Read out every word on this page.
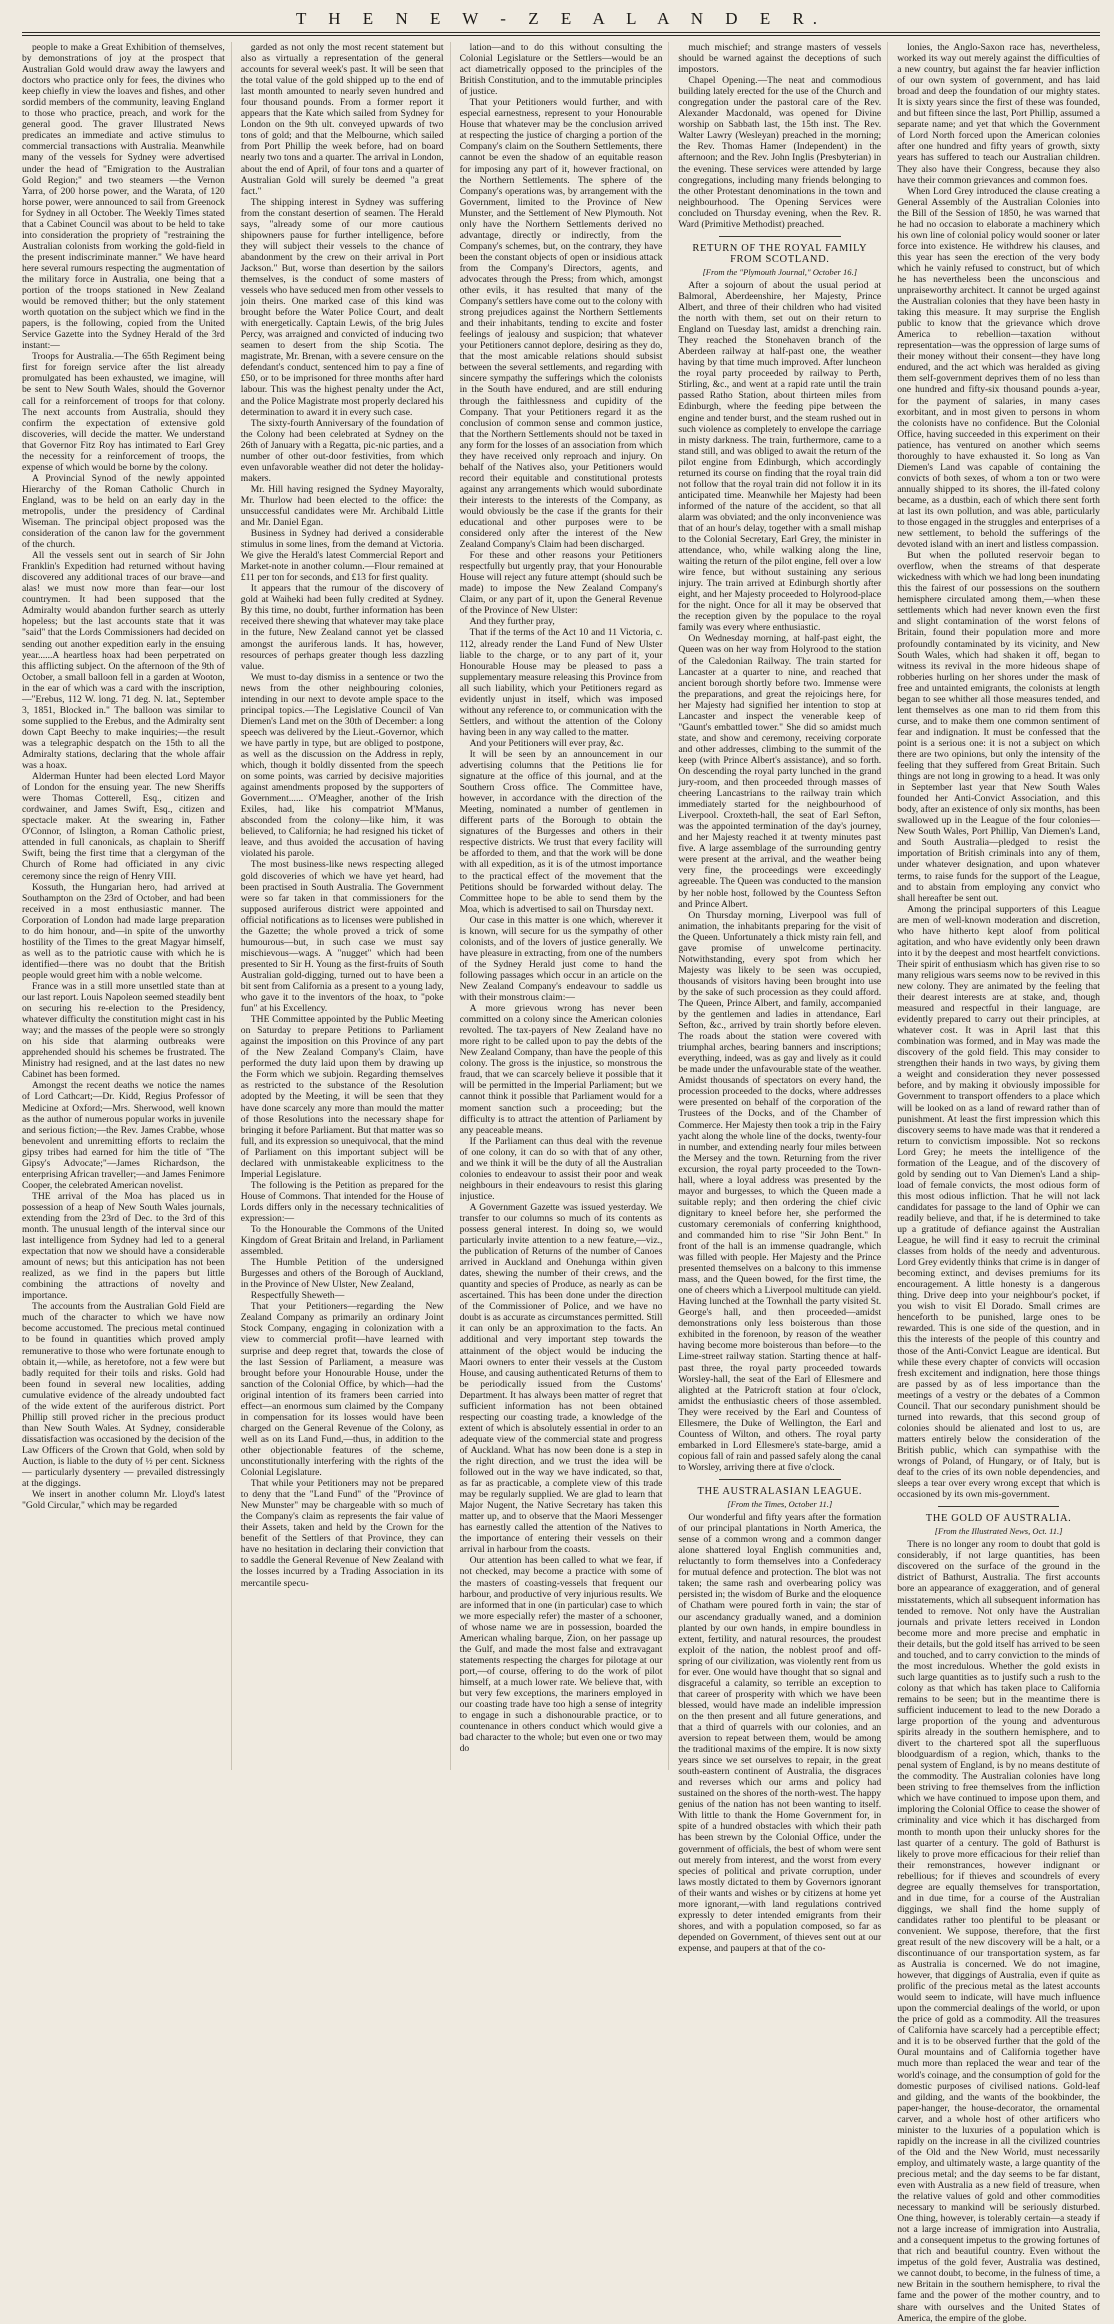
T H E N E W - Z E A L A N D E R.

people to make a Great Exhibition of themselves, by demonstrations of joy at the prospect that Australian Gold would draw away the lawyers and doctors who practice only for fees, the divines who keep chiefly in view the loaves and fishes, and other sordid members of the community, leaving England to those who practice, preach, and work for the general good. The graver Illustrated News predicates an immediate and active stimulus to commercial transactions with Australia. Meanwhile many of the vessels for Sydney were advertised under the head of "Emigration to the Australian Gold Region;" and two steamers —the Vernon Yarra, of 200 horse power, and the Warata, of 120 horse power, were announced to sail from Greenock for Sydney in all October. The Weekly Times stated that a Cabinet Council was about to be held to take into consideration the propriety of "restraining the Australian colonists from working the gold-field in the present indiscriminate manner." We have heard here several rumours respecting the augmentation of the military force in Australia, one being that a portion of the troops stationed in New Zealand would be removed thither; but the only statement worth quotation on the subject which we find in the papers, is the following, copied from the United Service Gazette into the Sydney Herald of the 3rd instant:—

Troops for Australia.—The 65th Regiment being first for foreign service after the list already promulgated has been exhausted, we imagine, will be sent to New South Wales, should the Governor call for a reinforcement of troops for that colony. The next accounts from Australia, should they confirm the expectation of extensive gold discoveries, will decide the matter. We understand that Governor Fitz Roy has intimated to Earl Grey the necessity for a reinforcement of troops, the expense of which would be borne by the colony.

A Provincial Synod of the newly appointed Hierarchy of the Roman Catholic Church in England, was to be held on an early day in the metropolis, under the presidency of Cardinal Wiseman. The principal object proposed was the consideration of the canon law for the government of the church.

All the vessels sent out in search of Sir John Franklin's Expedition had returned without having discovered any additional traces of our brave—and alas! we must now more than fear—our lost countrymen. It had been supposed that the Admiralty would abandon further search as utterly hopeless; but the last accounts state that it was "said" that the Lords Commissioners had decided on sending out another expedition early in the ensuing year......A heartless hoax had been perpetrated on this afflicting subject. On the afternoon of the 9th of October, a small balloon fell in a garden at Wooton, in the ear of which was a card with the inscription,—"Erebus, 112 W. long. 71 deg. N. lat., September 3, 1851, Blocked in." The balloon was similar to some supplied to the Erebus, and the Admiralty sent down Capt Beechy to make inquiries;—the result was a telegraphic despatch on the 15th to all the Admiralty stations, declaring that the whole affair was a hoax.

Alderman Hunter had been elected Lord Mayor of London for the ensuing year. The new Sheriffs were Thomas Cotterell, Esq., citizen and cordwainer, and James Swift, Esq., citizen and spectacle maker. At the swearing in, Father O'Connor, of Islington, a Roman Catholic priest, attended in full canonicals, as chaplain to Sheriff Swift, being the first time that a clergyman of the Church of Rome had officiated in any civic ceremony since the reign of Henry VIII.

Kossuth, the Hungarian hero, had arrived at Southampton on the 23rd of October, and had been received in a most enthusiastic manner. The Corporation of London had made large preparation to do him honour, and—in spite of the unworthy hostility of the Times to the great Magyar himself, as well as to the patriotic cause with which he is identified—there was no doubt that the British people would greet him with a noble welcome.

France was in a still more unsettled state than at our last report. Louis Napoleon seemed steadily bent on securing his re-election to the Presidency, whatever difficulty the constitution might cast in his way; and the masses of the people were so strongly on his side that alarming outbreaks were apprehended should his schemes be frustrated. The Ministry had resigned, and at the last dates no new Cabinet has been formed.

Amongst the recent deaths we notice the names of Lord Cathcart;—Dr. Kidd, Regius Professor of Medicine at Oxford;—Mrs. Sherwood, well known as the author of numerous popular works in juvenile and serious fiction;—the Rev. James Crabbe, whose benevolent and unremitting efforts to reclaim the gipsy tribes had earned for him the title of "The Gipsy's Advocate;"—James Richardson, the enterprising African traveller;—and James Fenimore Cooper, the celebrated American novelist.

THE arrival of the Moa has placed us in possession of a heap of New South Wales journals, extending from the 23rd of Dec. to the 3rd of this month. The unusual length of the interval since our last intelligence from Sydney had led to a general expectation that now we should have a considerable amount of news; but this anticipation has not been realized, as we find in the papers but little combining the attractions of novelty and importance.

The accounts from the Australian Gold Field are much of the character to which we have now become accustomed. The precious metal continued to be found in quantities which proved amply remunerative to those who were fortunate enough to obtain it,—while, as heretofore, not a few were but badly requited for their toils and risks. Gold had been found in several new localities, adding cumulative evidence of the already undoubted fact of the wide extent of the auriferous district. Port Phillip still proved richer in the precious product than New South Wales. At Sydney, considerable dissatisfaction was occasioned by the decision of the Law Officers of the Crown that Gold, when sold by Auction, is liable to the duty of ½ per cent. Sickness — particularly dysentery — prevailed distressingly at the diggings.

We insert in another column Mr. Lloyd's latest "Gold Circular," which may be regarded

garded as not only the most recent statement but also as virtually a representation of the general accounts for several week's past. It will be seen that the total value of the gold shipped up to the end of last month amounted to nearly seven hundred and four thousand pounds. From a former report it appears that the Kate which sailed from Sydney for London on the 9th ult. conveyed upwards of two tons of gold; and that the Melbourne, which sailed from Port Phillip the week before, had on board nearly two tons and a quarter. The arrival in London, about the end of April, of four tons and a quarter of Australian Gold will surely be deemed "a great fact."

The shipping interest in Sydney was suffering from the constant desertion of seamen. The Herald says, "already some of our more cautious shipowners pause for further intelligence, before they will subject their vessels to the chance of abandonment by the crew on their arrival in Port Jackson." But, worse than desertion by the sailors themselves, is the conduct of some masters of vessels who have seduced men from other vessels to join theirs. One marked case of this kind was brought before the Water Police Court, and dealt with energetically. Captain Lewis, of the brig Jules Percy, was arraigned and convicted of inducing two seamen to desert from the ship Scotia. The magistrate, Mr. Brenan, with a severe censure on the defendant's conduct, sentenced him to pay a fine of £50, or to be imprisoned for three months after hard labour. This was the highest penalty under the Act, and the Police Magistrate most properly declared his determination to award it in every such case.

The sixty-fourth Anniversary of the foundation of the Colony had been celebrated at Sydney on the 26th of January with a Regatta, pic-nic parties, and a number of other out-door festivities, from which even unfavorable weather did not deter the holiday-makers.

Mr. Hill having resigned the Sydney Mayoralty, Mr. Thurlow had been elected to the office: the unsuccessful candidates were Mr. Archibald Little and Mr. Daniel Egan.

Business in Sydney had derived a considerable stimulus in some lines, from the demand at Victoria. We give the Herald's latest Commercial Report and Market-note in another column.—Flour remained at £11 per ton for seconds, and £13 for first quality.

It appears that the rumour of the discovery of gold at Waiheki had been fully credited at Sydney. By this time, no doubt, further information has been received there shewing that whatever may take place in the future, New Zealand cannot yet be classed amongst the auriferous lands. It has, however, resources of perhaps greater though less dazzling value.

We must to-day dismiss in a sentence or two the news from the other neighbouring colonies, intending in our next to devote ample space to the principal topics.—The Legislative Council of Van Diemen's Land met on the 30th of December: a long speech was delivered by the Lieut.-Governor, which we have partly in type, but are obliged to postpone, as well as the discussion on the Address in reply, which, though it boldly dissented from the speech on some points, was carried by decisive majorities against amendments proposed by the supporters of Government...... O'Meagher, another of the Irish Exiles, had, like his compatriot M'Manus, absconded from the colony—like him, it was believed, to California; he had resigned his ticket of leave, and thus avoided the accusation of having violated his parole.

The most business-like news respecting alleged gold discoveries of which we have yet heard, had been practised in South Australia. The Government were so far taken in that commissioners for the supposed auriferous district were appointed and official notifications as to licenses were published in the Gazette; the whole proved a trick of some humourous—but, in such case we must say mischievous—wags. A "nugget" which had been presented to Sir H. Young as the first-fruits of South Australian gold-digging, turned out to have been a bit sent from California as a present to a young lady, who gave it to the inventors of the hoax, to "poke fun" at his Excellency.

THE Committee appointed by the Public Meeting on Saturday to prepare Petitions to Parliament against the imposition on this Province of any part of the New Zealand Company's Claim, have performed the duty laid upon them by drawing up the Form which we subjoin. Regarding themselves as restricted to the substance of the Resolution adopted by the Meeting, it will be seen that they have done scarcely any more than mould the matter of those Resolutions into the necessary shape for bringing it before Parliament. But that matter was so full, and its expression so unequivocal, that the mind of Parliament on this important subject will be declared with unmistakeable explicitness to the Imperial Legislature.

The following is the Petition as prepared for the House of Commons. That intended for the House of Lords differs only in the necessary technicalities of expression:—

To the Honourable the Commons of the United Kingdom of Great Britain and Ireland, in Parliament assembled.

The Humble Petition of the undersigned Burgesses and others of the Borough of Auckland, in the Province of New Ulster, New Zealand,

Respectfully Sheweth—

That your Petitioners—regarding the New Zealand Company as primarily an ordinary Joint Stock Company, engaging in colonization with a view to commercial profit—have learned with surprise and deep regret that, towards the close of the last Session of Parliament, a measure was brought before your Honourable House, under the sanction of the Colonial Office, by which—had the original intention of its framers been carried into effect—an enormous sum claimed by the Company in compensation for its losses would have been charged on the General Revenue of the Colony, as well as on its Land Fund,—thus, in addition to the other objectionable features of the scheme, unconstitutionally interfering with the rights of the Colonial Legislature.

That while your Petitioners may not be prepared to deny that the "Land Fund" of the "Province of New Munster" may be chargeable with so much of the Company's claim as represents the fair value of their Assets, taken and held by the Crown for the benefit of the Settlers of that Province, they can have no hesitation in declaring their conviction that to saddle the General Revenue of New Zealand with the losses incurred by a Trading Association in its mercantile specu-

lation—and to do this without consulting the Colonial Legislature or the Settlers—would be an act diametrically opposed to the principles of the British Constitution, and to the immutable principles of justice.

That your Petitioners would further, and with especial earnestness, represent to your Honourable House that whatever may be the conclusion arrived at respecting the justice of charging a portion of the Company's claim on the Southern Settlements, there cannot be even the shadow of an equitable reason for imposing any part of it, however fractional, on the Northern Settlements. The sphere of the Company's operations was, by arrangement with the Government, limited to the Province of New Munster, and the Settlement of New Plymouth. Not only have the Northern Settlements derived no advantage, directly or indirectly, from the Company's schemes, but, on the contrary, they have been the constant objects of open or insidious attack from the Company's Directors, agents, and advocates through the Press; from which, amongst other evils, it has resulted that many of the Company's settlers have come out to the colony with strong prejudices against the Northern Settlements and their inhabitants, tending to excite and foster feelings of jealousy and suspicion; that whatever your Petitioners cannot deplore, desiring as they do, that the most amicable relations should subsist between the several settlements, and regarding with sincere sympathy the sufferings which the colonists in the South have endured, and are still enduring through the faithlessness and cupidity of the Company. That your Petitioners regard it as the conclusion of common sense and common justice, that the Northern Settlements should not be taxed in any form for the losses of an association from which they have received only reproach and injury. On behalf of the Natives also, your Petitioners would record their equitable and constitutional protests against any arrangements which would subordinate their interests to the interests of the Company, as would obviously be the case if the grants for their educational and other purposes were to be considered only after the interest of the New Zealand Company's Claim had been discharged.

For these and other reasons your Petitioners respectfully but urgently pray, that your Honourable House will reject any future attempt (should such be made) to impose the New Zealand Company's Claim, or any part of it, upon the General Revenue of the Province of New Ulster:

And they further pray,

That if the terms of the Act 10 and 11 Victoria, c. 112, already render the Land Fund of New Ulster liable to the charge, or to any part of it, your Honourable House may be pleased to pass a supplementary measure releasing this Province from all such liability, which your Petitioners regard as evidently unjust in itself, which was imposed without any reference to, or communication with the Settlers, and without the attention of the Colony having been in any way called to the matter.

And your Petitioners will ever pray, &c.

It will be seen by an announcement in our advertising columns that the Petitions lie for signature at the office of this journal, and at the Southern Cross office. The Committee have, however, in accordance with the direction of the Meeting, nominated a number of gentlemen in different parts of the Borough to obtain the signatures of the Burgesses and others in their respective districts. We trust that every facility will be afforded to them, and that the work will be done with all expedition, as it is of the utmost importance to the practical effect of the movement that the Petitions should be forwarded without delay. The Committee hope to be able to send them by the Moa, which is advertised to sail on Thursday next.

Our case in this matter is one which, wherever it is known, will secure for us the sympathy of other colonists, and of the lovers of justice generally. We have pleasure in extracting, from one of the numbers of the Sydney Herald just come to hand the following passages which occur in an article on the New Zealand Company's endeavour to saddle us with their monstrous claim:—

A more grievous wrong has never been committed on a colony since the American colonies revolted. The tax-payers of New Zealand have no more right to be called upon to pay the debts of the New Zealand Company, than have the people of this colony. The gross is the injustice, so monstrous the fraud, that we can scarcely believe it possible that it will be permitted in the Imperial Parliament; but we cannot think it possible that Parliament would for a moment sanction such a proceeding; but the difficulty is to attract the attention of Parliament by any peaceable means.

If the Parliament can thus deal with the revenue of one colony, it can do so with that of any other, and we think it will be the duty of all the Australian colonies to endeavour to assist their poor and weak neighbours in their endeavours to resist this glaring injustice.

A Government Gazette was issued yesterday. We transfer to our columns so much of its contents as possess general interest. In doing so, we would particularly invite attention to a new feature,—viz., the publication of Returns of the number of Canoes arrived in Auckland and Onehunga within given dates, shewing the number of their crews, and the quantity and species of Produce, as nearly as can be ascertained. This has been done under the direction of the Commissioner of Police, and we have no doubt is as accurate as circumstances permitted. Still it can only be an approximation to the facts. An additional and very important step towards the attainment of the object would be inducing the Maori owners to enter their vessels at the Custom House, and causing authenticated Returns of them to be periodically issued from the Customs' Department. It has always been matter of regret that sufficient information has not been obtained respecting our coasting trade, a knowledge of the extent of which is absolutely essential in order to an adequate view of the commercial state and progress of Auckland. What has now been done is a step in the right direction, and we trust the idea will be followed out in the way we have indicated, so that, as far as practicable, a complete view of this trade may be regularly supplied. We are glad to learn that Major Nugent, the Native Secretary has taken this matter up, and to observe that the Maori Messenger has earnestly called the attention of the Natives to the importance of entering their vessels on their arrival in harbour from the coasts.

Our attention has been called to what we fear, if not checked, may become a practice with some of the masters of coasting-vessels that frequent our harbour, and productive of very injurious results. We are informed that in one (in particular) case to which we more especially refer) the master of a schooner, of whose name we are in possession, boarded the American whaling barque, Zion, on her passage up the Gulf, and made the most false and extravagant statements respecting the charges for pilotage at our port,—of course, offering to do the work of pilot himself, at a much lower rate. We believe that, with but very few exceptions, the mariners employed in our coasting trade have too high a sense of integrity to engage in such a dishonourable practice, or to countenance in others conduct which would give a bad character to the whole; but even one or two may do

much mischief; and strange masters of vessels should be warned against the deceptions of such impostors.

Chapel Opening.—The neat and commodious building lately erected for the use of the Church and congregation under the pastoral care of the Rev. Alexander Macdonald, was opened for Divine worship on Sabbath last, the 15th inst. The Rev. Walter Lawry (Wesleyan) preached in the morning; the Rev. Thomas Hamer (Independent) in the afternoon; and the Rev. John Inglis (Presbyterian) in the evening. These services were attended by large congregations, including many friends belonging to the other Protestant denominations in the town and neighbourhood. The Opening Services were concluded on Thursday evening, when the Rev. R. Ward (Primitive Methodist) preached.

RETURN OF THE ROYAL FAMILY FROM SCOTLAND.
[From the "Plymouth Journal," October 16.]

After a sojourn of about the usual period at Balmoral, Aberdeenshire, her Majesty, Prince Albert, and three of their children who had visited the north with them, set out on their return to England on Tuesday last, amidst a drenching rain. They reached the Stonehaven branch of the Aberdeen railway at half-past one, the weather having by that time much improved. After luncheon the royal party proceeded by railway to Perth, Stirling, &c., and went at a rapid rate until the train passed Ratho Station, about thirteen miles from Edinburgh, where the feeding pipe between the engine and tender burst, and the steam rushed out in such violence as completely to envelope the carriage in misty darkness. The train, furthermore, came to a stand still, and was obliged to await the return of the pilot engine from Edinburgh, which accordingly returned its course on finding that the royal train did not follow that the royal train did not follow it in its anticipated time. Meanwhile her Majesty had been informed of the nature of the accident, so that all alarm was obviated; and the only inconvenience was that of an hour's delay, together with a small mishap to the Colonial Secretary, Earl Grey, the minister in attendance, who, while walking along the line, waiting the return of the pilot engine, fell over a low wire fence, but without sustaining any serious injury. The train arrived at Edinburgh shortly after eight, and her Majesty proceeded to Holyrood-place for the night. Once for all it may be observed that the reception given by the populace to the royal family was every where enthusiastic.

On Wednesday morning, at half-past eight, the Queen was on her way from Holyrood to the station of the Caledonian Railway. The train started for Lancaster at a quarter to nine, and reached that ancient borough shortly before two. Immense were the preparations, and great the rejoicings here, for her Majesty had signified her intention to stop at Lancaster and inspect the venerable keep of "Gaunt's embattled tower." She did so amidst much state, and show and ceremony, receiving corporate and other addresses, climbing to the summit of the keep (with Prince Albert's assistance), and so forth. On descending the royal party lunched in the grand jury-room, and then proceeded through masses of cheering Lancastrians to the railway train which immediately started for the neighbourhood of Liverpool. Croxteth-hall, the seat of Earl Sefton, was the appointed termination of the day's journey, and her Majesty reached it at twenty minutes past five. A large assemblage of the surrounding gentry were present at the arrival, and the weather being very fine, the proceedings were exceedingly agreeable. The Queen was conducted to the mansion by her noble host, followed by the Countess Sefton and Prince Albert.

On Thursday morning, Liverpool was full of animation, the inhabitants preparing for the visit of the Queen. Unfortunately a thick misty rain fell, and gave promise of unwelcome pertinacity. Notwithstanding, every spot from which her Majesty was likely to be seen was occupied, thousands of visitors having been brought into use by the sake of such procession as they could afford. The Queen, Prince Albert, and family, accompanied by the gentlemen and ladies in attendance, Earl Sefton, &c., arrived by train shortly before eleven. The roads about the station were covered with triumphal arches, bearing banners and inscriptions; everything, indeed, was as gay and lively as it could be made under the unfavourable state of the weather. Amidst thousands of spectators on every hand, the procession proceeded to the docks, where addresses were presented on behalf of the corporation of the Trustees of the Docks, and of the Chamber of Commerce. Her Majesty then took a trip in the Fairy yacht along the whole line of the docks, twenty-four in number, and extending nearly four miles between the Mersey and the town. Returning from the river excursion, the royal party proceeded to the Town-hall, where a loyal address was presented by the mayor and burgesses, to which the Queen made a suitable reply; and then ordering the chief civic dignitary to kneel before her, she performed the customary ceremonials of conferring knighthood, and commanded him to rise "Sir John Bent." In front of the hall is an immense quadrangle, which was filled with people. Her Majesty and the Prince presented themselves on a balcony to this immense mass, and the Queen bowed, for the first time, the one of cheers which a Liverpool multitude can yield. Having lunched at the Townhall the party visited St. George's hall, and then proceeded—amidst demonstrations only less boisterous than those exhibited in the forenoon, by reason of the weather having become more boisterous than before—to the Lime-street railway station. Starting thence at half-past three, the royal party proceeded towards Worsley-hall, the seat of the Earl of Ellesmere and alighted at the Patricroft station at four o'clock, amidst the enthusiastic cheers of those assembled. They were received by the Earl and Countess of Ellesmere, the Duke of Wellington, the Earl and Countess of Wilton, and others. The royal party embarked in Lord Ellesmere's state-barge, amid a copious fall of rain and passed safely along the canal to Worsley, arriving there at five o'clock.

THE AUSTRALASIAN LEAGUE.
[From the Times, October 11.]

Our wonderful and fifty years after the formation of our principal plantations in North America, the sense of a common wrong and a common danger alone shattered loyal English communities and, reluctantly to form themselves into a Confederacy for mutual defence and protection. The blot was not taken; the same rash and overbearing policy was persisted in; the wisdom of Burke and the eloquence of Chatham were poured forth in vain; the star of our ascendancy gradually waned, and a dominion planted by our own hands, in empire boundless in extent, fertility, and natural resources, the proudest exploit of the nation, the noblest proof and off-spring of our civilization, was violently rent from us for ever. One would have thought that so signal and disgraceful a calamity, so terrible an exception to that career of prosperity with which we have been blessed, would have made an indelible impression on the then present and all future generations, and that a third of quarrels with our colonies, and an aversion to repeat between them, would be among the traditional maxims of the empire. It is now sixty years since we set ourselves to repair, in the great south-eastern continent of Australia, the disgraces and reverses which our arms and policy had sustained on the shores of the north-west. The happy genius of the nation has not been wanting to itself. With little to thank the Home Government for, in spite of a hundred obstacles with which their path has been strewn by the Colonial Office, under the government of officials, the best of whom were sent out merely from interest, and the worst from every species of political and private corruption, under laws mostly dictated to them by Governors ignorant of their wants and wishes or by citizens at home yet more ignorant,—with land regulations contrived expressly to deter intended emigrants from their shores, and with a population composed, so far as depended on Government, of thieves sent out at our expense, and paupers at that of the co-

lonies, the Anglo-Saxon race has, nevertheless, worked its way out merely against the difficulties of a new country, but against the far heavier infliction of our own system of government, and has laid broad and deep the foundation of our mighty states. It is sixty years since the first of these was founded, and but fifteen since the last, Port Phillip, assumed a separate name; and yet that which the Government of Lord North forced upon the American colonies after one hundred and fifty years of growth, sixty years has suffered to teach our Australian children. They also have their Congress, because they also have their common grievances and common foes.

When Lord Grey introduced the clause creating a General Assembly of the Australian Colonies into the Bill of the Session of 1850, he was warned that he had no occasion to elaborate a machinery which his own line of colonial policy would sooner or later force into existence. He withdrew his clauses, and this year has seen the erection of the very body which he vainly refused to construct, but of which he has nevertheless been the unconscious and unpraiseworthy architect. It cannot be urged against the Australian colonies that they have been hasty in taking this measure. It may surprise the English public to know that the grievance which drove America to rebellion—taxation without representation—was the oppression of large sums of their money without their consent—they have long endured, and the act which was heralded as giving them self-government deprives them of no less than one hundred and fifty-six thousand pounds a-year, for the payment of salaries, in many cases exorbitant, and in most given to persons in whom the colonists have no confidence. But the Colonial Office, having succeeded in this experiment on their patience, has ventured on another which seems thoroughly to have exhausted it. So long as Van Diemen's Land was capable of containing the convicts of both sexes, of whom a ton or two were annually shipped to its shores, the ill-fated colony became, as a dustbin, each of which there sent forth at last its own pollution, and was able, particularly to those engaged in the struggles and enterprises of a new settlement, to behold the sufferings of the devoted island with an inert and listless compassion.

But when the polluted reservoir began to overflow, when the streams of that desperate wickedness with which we had long been inundating this the fairest of our possessions on the southern hemisphere circulated among them,—when these settlements which had never known even the first and slight contamination of the worst felons of Britain, found their population more and more profoundly contaminated by its vicinity, and New South Wales, which had shaken it off, began to witness its revival in the more hideous shape of robberies hurling on her shores under the mask of free and untainted emigrants, the colonists at length began to see whither all those measures tended, and lent themselves as one man to rid them from this curse, and to make them one common sentiment of fear and indignation. It must be confessed that the point is a serious one: it is not a subject on which there are two opinions, but only the intensity of the feeling that they suffered from Great Britain. Such things are not long in growing to a head. It was only in September last year that New South Wales founded her Anti-Convict Association, and this body, after an existence of only six months, has been swallowed up in the League of the four colonies—New South Wales, Port Phillip, Van Diemen's Land, and South Australia—pledged to resist the importation of British criminals into any of them, under whatever designation, and upon whatever terms, to raise funds for the support of the League, and to abstain from employing any convict who shall hereafter be sent out.

Among the principal supporters of this League are men of well-known moderation and discretion, who have hitherto kept aloof from political agitation, and who have evidently only been drawn into it by the deepest and most heartfelt convictions. Their spirit of enthusiasm which has given rise to so many religious wars seems now to be revived in this new colony. They are animated by the feeling that their dearest interests are at stake, and, though measured and respectful in their language, are evidently prepared to carry out their principles, at whatever cost. It was in April last that this combination was formed, and in May was made the discovery of the gold field. This may consider to strengthen their hands in two ways, by giving them a weight and consideration they never possessed before, and by making it obviously impossible for Government to transport offenders to a place which will be looked on as a land of reward rather than of punishment. At least the first impression which this discovery seems to have made was that it rendered a return to convictism impossible. Not so reckons Lord Grey; he meets the intelligence of the formation of the League, and of the discovery of gold by sending out to Van Diemen's Land a ship-load of female convicts, the most odious form of this most odious infliction. That he will not lack candidates for passage to the land of Ophir we can readily believe, and that, if he is determined to take up a gratitude of defiance against the Australian League, he will find it easy to recruit the criminal classes from holds of the needy and adventurous. Lord Grey evidently thinks that crime is in danger of becoming extinct, and devises premiums for its encouragement. A little honesty is a dangerous thing. Drive deep into your neighbour's pocket, if you wish to visit El Dorado. Small crimes are henceforth to be punished, large ones to be rewarded. This is one side of the question, and in this the interests of the people of this country and those of the Anti-Convict League are identical. But while these every chapter of convicts will occasion fresh excitement and indignation, here those things are passed by as of less importance than the meetings of a vestry or the debates of a Common Council. That our secondary punishment should be turned into rewards, that this second group of colonies should be alienated and lost to us, are matters entirely below the consideration of the British public, which can sympathise with the wrongs of Poland, of Hungary, or of Italy, but is deaf to the cries of its own noble dependencies, and sleeps a tear over every wrong except that which is occasioned by its own mis-government.

THE GOLD OF AUSTRALIA.
[From the Illustrated News, Oct. 11.]

There is no longer any room to doubt that gold is considerably, if not large quantities, has been discovered on the surface of the ground in the district of Bathurst, Australia. The first accounts bore an appearance of exaggeration, and of general misstatements, which all subsequent information has tended to remove. Not only have the Australian journals and private letters received in London become more and more precise and emphatic in their details, but the gold itself has arrived to be seen and touched, and to carry conviction to the minds of the most incredulous. Whether the gold exists in such large quantities as to justify such a rush to the colony as that which has taken place to California remains to be seen; but in the meantime there is sufficient inducement to lead to the new Dorado a large proportion of the young and adventurous spirits already in the southern hemisphere, and to divert to the chartered spot all the superfluous bloodguardism of a region, which, thanks to the penal system of England, is by no means destitute of the commodity. The Australian colonies have long been striving to free themselves from the infliction which we have continued to impose upon them, and imploring the Colonial Office to cease the shower of criminality and vice which it has discharged from month to month upon their unlucky shores for the last quarter of a century. The gold of Bathurst is likely to prove more efficacious for their relief than their remonstrances, however indignant or rebellious; for if thieves and scoundrels of every degree are equally themselves for transportation, and in due time, for a course of the Australian diggings, we shall find the home supply of candidates rather too plentiful to be pleasant or convenient. We suppose, therefore, that the first great result of the new discovery will be a halt, or a discontinuance of our transportation system, as far as Australia is concerned. We do not imagine, however, that diggings of Australia, even if quite as prolific of the precious metal as the latest accounts would seem to indicate, will have much influence upon the commercial dealings of the world, or upon the price of gold as a commodity. All the treasures of California have scarcely had a perceptible effect; and it is to be observed further that the gold of the Oural mountains and of California together have much more than replaced the wear and tear of the world's coinage, and the consumption of gold for the domestic purposes of civilised nations. Gold-leaf and gilding, and the wants of the bookbinder, the paper-hanger, the house-decorator, the ornamental carver, and a whole host of other artificers who minister to the luxuries of a population which is rapidly on the increase in all the civilized countries of the Old and the New World, must necessarily employ, and ultimately waste, a large quantity of the precious metal; and the day seems to be far distant, even with Australia as a new field of treasure, when the relative values of gold and other commodities necessary to mankind will be seriously disturbed. One thing, however, is tolerably certain—a steady if not a large increase of immigration into Australia, and a consequent impetus to the growing fortunes of that rich and beautiful country. Even without the impetus of the gold fever, Australia was destined, we cannot doubt, to become, in the fulness of time, a new Britain in the southern hemisphere, to rival the fame and the power of the mother country, and to share with ourselves and the United States of America, the empire of the globe.
